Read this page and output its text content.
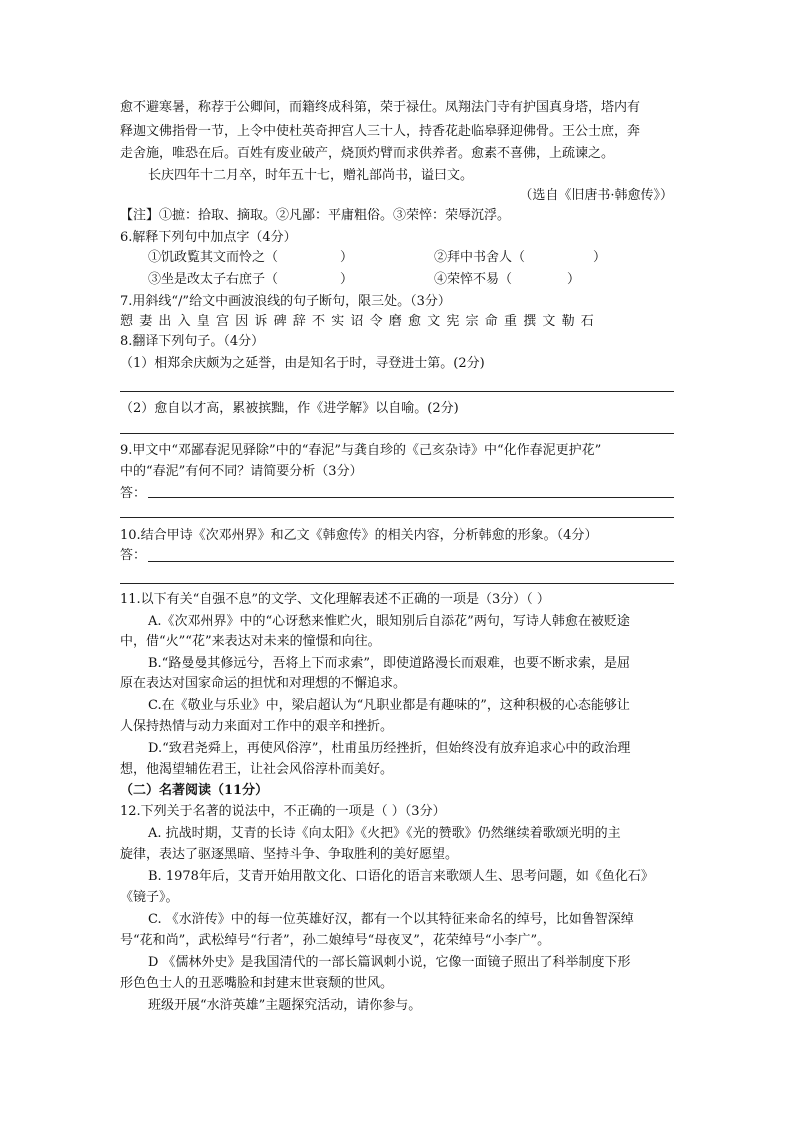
愈不避寒暑，称荐于公卿间，而籍终成科第，荣于禄仕。凤翔法门寺有护国真身塔，塔内有
释迦文佛指骨一节，上令中使杜英奇押宫人三十人，持香花赴临皋驿迎佛骨。王公士庶，奔
走舍施，唯恐在后。百姓有废业破产，烧顶灼臂而求供养者。愈素不喜佛，上疏谏之。
长庆四年十二月卒，时年五十七，赠礼部尚书，谥曰文。
（选自《旧唐书·韩愈传》）
【注】①摭：拾取、摘取。②凡鄙：平庸粗俗。③荣悴：荣辱沉浮。
6.解释下列句中加点字（4分）
①饥政覧其文而怜之（	）	②拜中书舍人（	）
③坐是改太子右庶子（	）	④荣悴不易（	）
7.用斜线“/”给文中画波浪线的句子断句，限三处。（3分）
愬妻出入皇宫因诉碑辞不实诏令磨愈文宪宗命重撰文勒石
8.翻译下列句子。（4分）
（1）相郑余庆颇为之延誉，由是知名于时，寻登进士第。(2分)
（2）愈自以才高，累被摈黜，作《进学解》以自喻。(2分)
9.甲文中“邓鄙春泥见驿除”中的“春泥”与龚自珍的《己亥杂诗》中“化作春泥更护花”
中的“春泥”有何不同？请简要分析（3分）
答：
10.结合甲诗《次邓州界》和乙文《韩愈传》的相关内容，分析韩愈的形象。（4分）
答：
11.以下有关“自强不息”的文学、文化理解表述不正确的一项是（3分）（ ）
A.《次邓州界》中的“心讶愁来惟贮火，眼知别后自添花”两句，写诗人韩愈在被贬途
中，借“火”“花”来表达对未来的憧憬和向往。
B.“路曼曼其修远兮，吾将上下而求索”，即使道路漫长而艰难，也要不断求索，是屈
原在表达对国家命运的担忧和对理想的不懈追求。
C.在《敬业与乐业》中，梁启超认为“凡职业都是有趣味的”，这种积极的心态能够让
人保持热情与动力来面对工作中的艰辛和挫折。
D.“致君尧舜上，再使风俗淳”，杜甫虽历经挫折，但始终没有放弃追求心中的政治理
想，他渴望辅佐君王，让社会风俗淳朴而美好。
（二）名著阅读（11分）
12.下列关于名著的说法中，不正确的一项是（ ）（3分）
A. 抗战时期，艾青的长诗《向太阳》《火把》《光的赞歌》仍然继续着歌颂光明的主
旋律，表达了驱逐黑暗、坚持斗争、争取胜利的美好愿望。
B. 1978年后，艾青开始用散文化、口语化的语言来歌颂人生、思考问题，如《鱼化石》
《镜子》。
C. 《水浒传》中的每一位英雄好汉，都有一个以其特征来命名的绰号，比如鲁智深绰
号“花和尚”，武松绰号“行者”，孙二娘绰号“母夜叉”，花荣绰号“小李广”。
D 《儒林外史》是我国清代的一部长篇讽刺小说，它像一面镜子照出了科举制度下形
形色色士人的丑恶嘴脸和封建末世衰颓的世风。
班级开展“水浒英雄”主题探究活动，请你参与。
